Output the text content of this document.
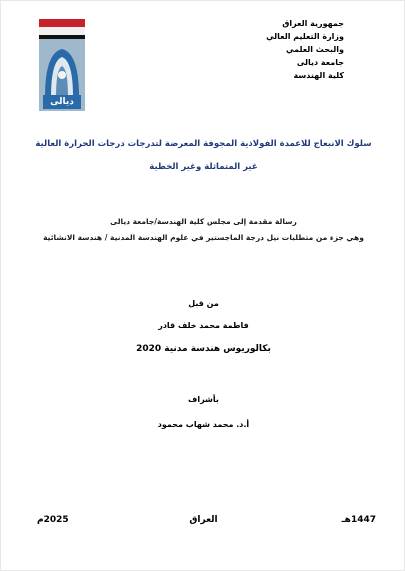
ديالى
جمهورية العراق
وزارة التعليم العالي
والبحث العلمي
جامعة ديالى
كلية الهندسة
سلوك الانبعاج للاعمدة الفولاذية المجوفة المعرضة لتدرجات درجات الحرارة العالية
غير المتماثلة وغير الخطية
رسالة مقدمة إلى مجلس كلية الهندسة/جامعة ديالى
وهي جزء من متطلبات نيل درجة الماجستير في علوم الهندسة المدنية / هندسة الانشائية
من قبل
فاطمة محمد خلف قادر
بكالوريوس هندسة مدنية 2020
بأشراف
أ.د. محمد شهاب محمود
1447هـ
العراق
2025م
